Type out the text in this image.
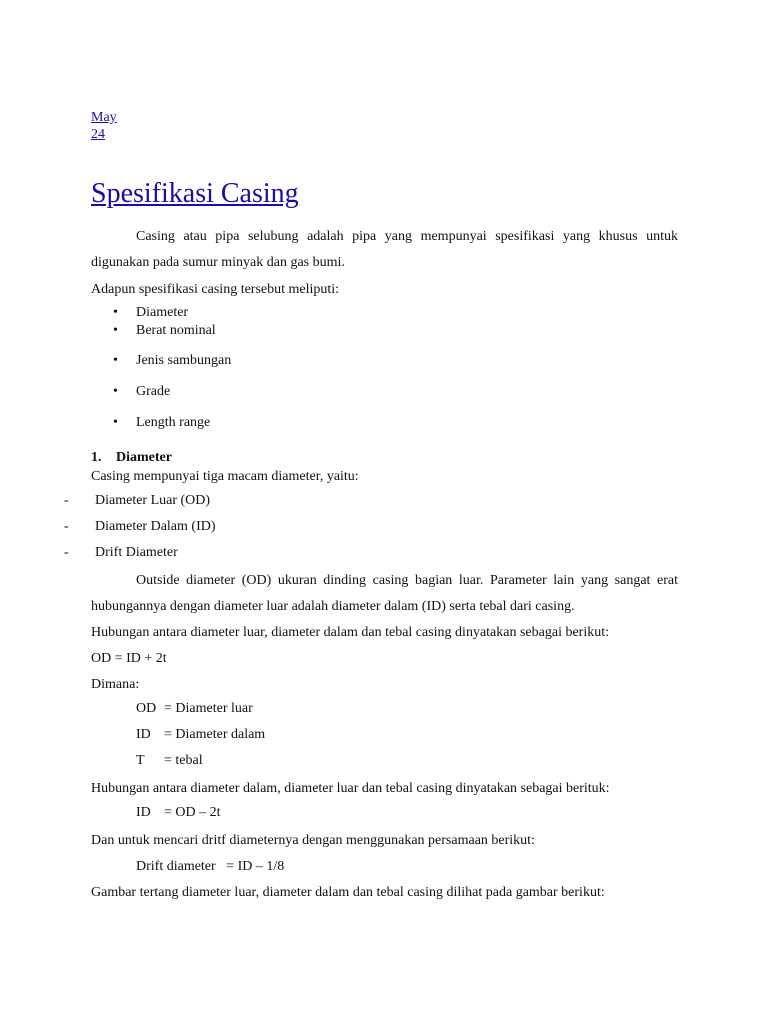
May
24
Spesifikasi Casing

Casing atau pipa selubung adalah pipa yang mempunyai spesifikasi yang khusus untuk digunakan pada sumur minyak dan gas bumi.

Adapun spesifikasi casing tersebut meliputi:

• Diameter
• Berat nominal
• Jenis sambungan
• Grade
• Length range
1. Diameter

Casing mempunyai tiga macam diameter, yaitu:

- Diameter Luar (OD)
- Diameter Dalam (ID)
- Drift Diameter

Outside diameter (OD) ukuran dinding casing bagian luar. Parameter lain yang sangat erat hubungannya dengan diameter luar adalah diameter dalam (ID) serta tebal dari casing.

Hubungan antara diameter luar, diameter dalam dan tebal casing dinyatakan sebagai berikut:

OD = ID + 2t

Dimana:

OD = Diameter luar
ID = Diameter dalam
T = tebal

Hubungan antara diameter dalam, diameter luar dan tebal casing dinyatakan sebagai berituk:

ID = OD – 2t

Dan untuk mencari dritf diameternya dengan menggunakan persamaan berikut:

Drift diameter   = ID – 1/8

Gambar tertang diameter luar, diameter dalam dan tebal casing dilihat pada gambar berikut:
